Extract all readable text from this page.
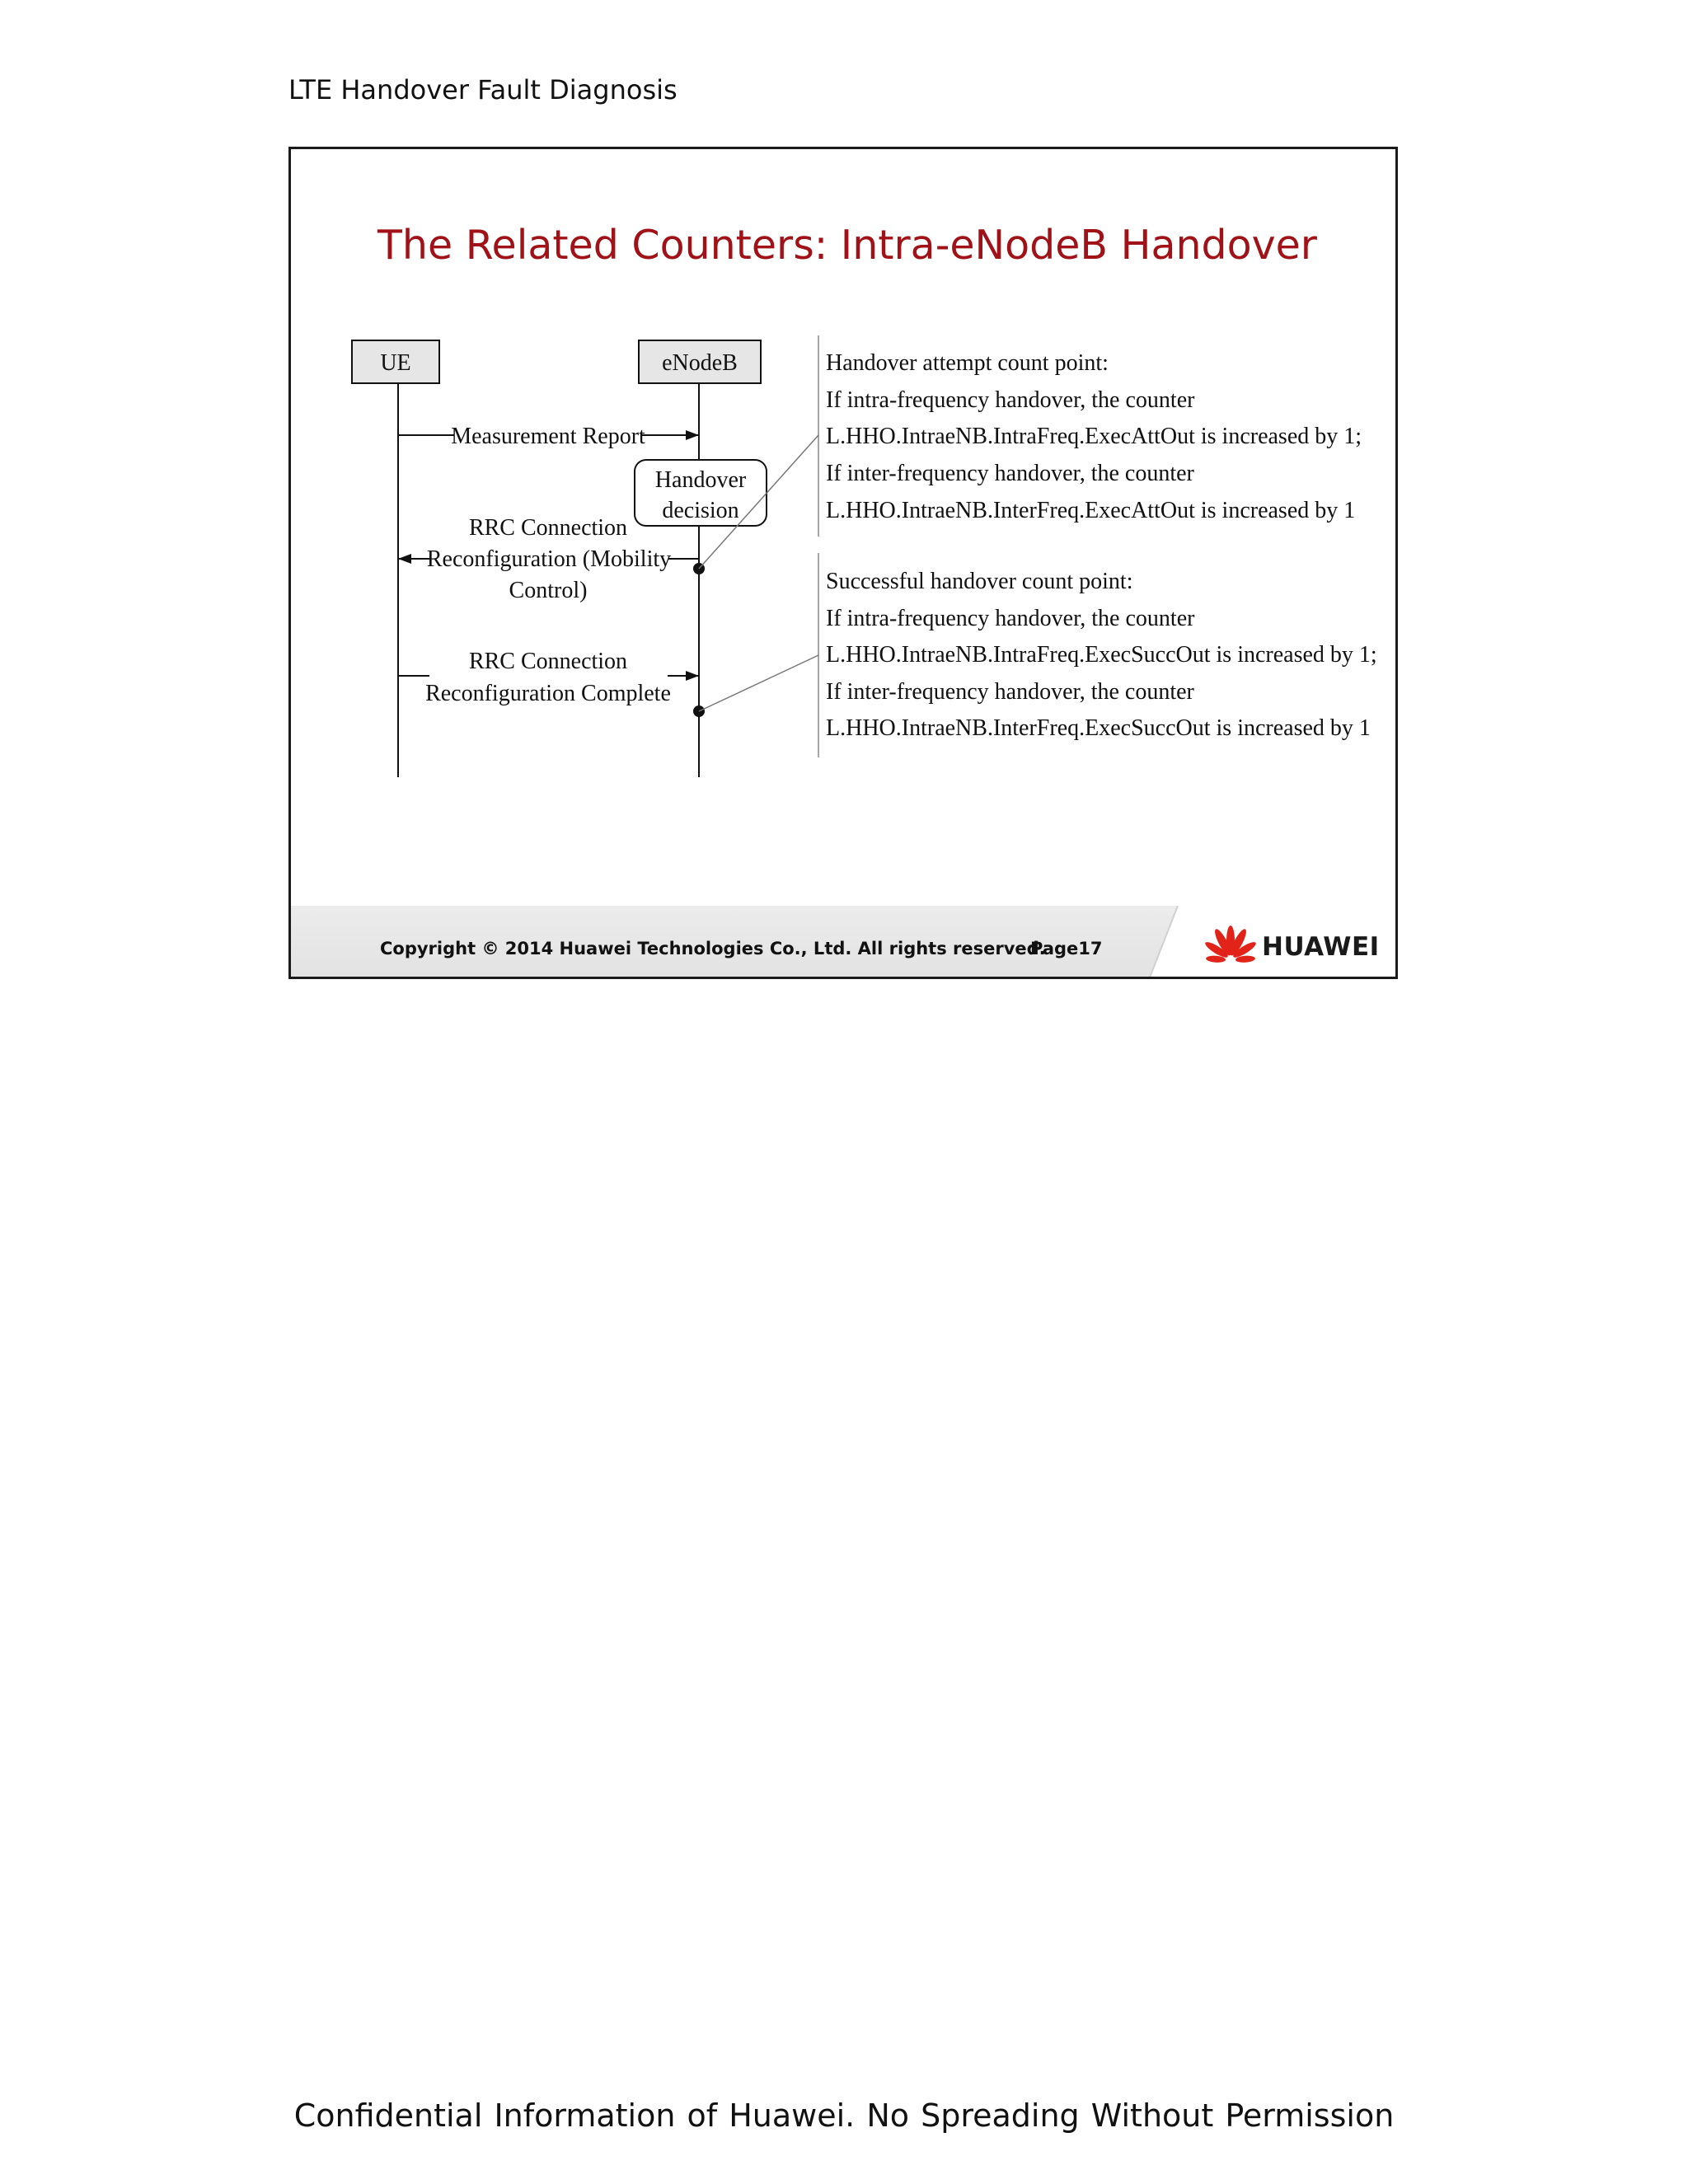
LTE Handover Fault Diagnosis
The Related Counters: Intra-eNodeB Handover
UE	eNodeB
Measurement Report
Handover
decision
RRC Connection
Reconfiguration (Mobility
Control)
RRC Connection
Reconfiguration Complete
Handover attempt count point:
If intra-frequency handover, the counter
L.HHO.IntraeNB.IntraFreq.ExecAttOut is increased by 1;
If inter-frequency handover, the counter
L.HHO.IntraeNB.InterFreq.ExecAttOut is increased by 1
Successful handover count point:
If intra-frequency handover, the counter
L.HHO.IntraeNB.IntraFreq.ExecSuccOut is increased by 1;
If inter-frequency handover, the counter
L.HHO.IntraeNB.InterFreq.ExecSuccOut is increased by 1
Copyright © 2014 Huawei Technologies Co., Ltd. All rights reserved.
Page17	HUAWEI
Confidential Information of Huawei. No Spreading Without Permission
